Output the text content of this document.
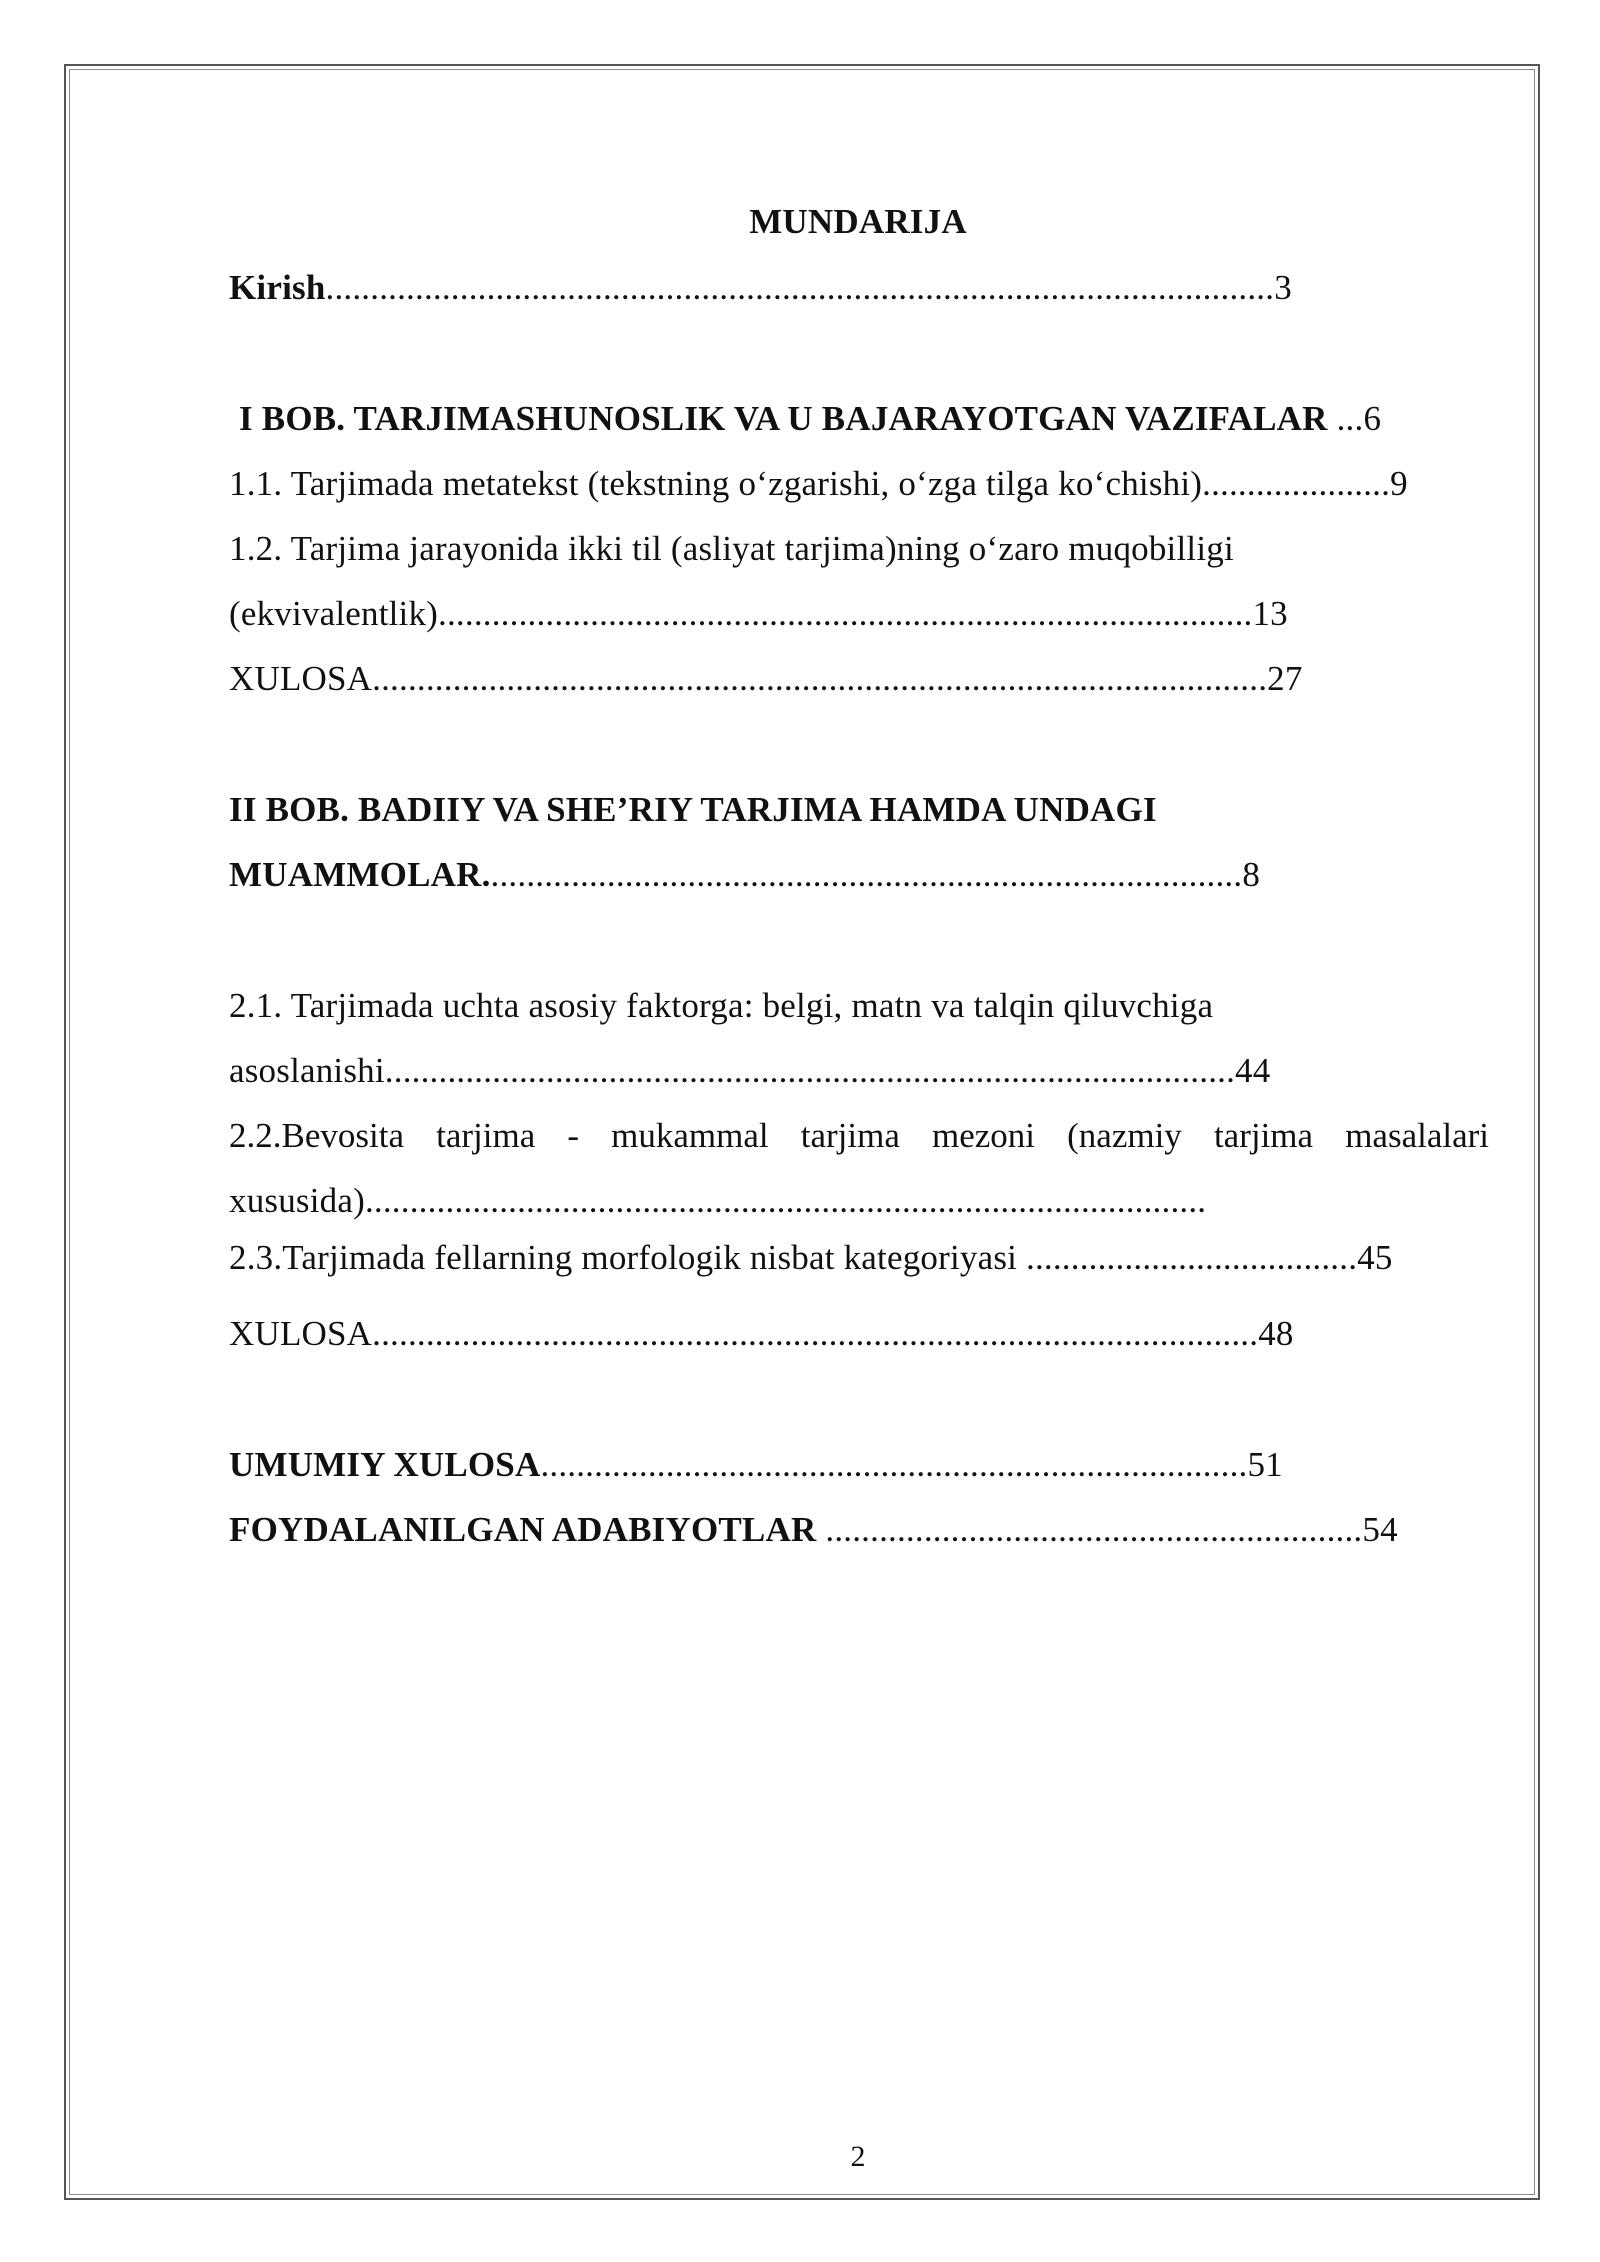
MUNDARIJA
Kirish..........................................................................................................3
I BOB. TARJIMASHUNOSLIK VA U BAJARAYOTGAN VAZIFALAR ...6
1.1. Tarjimada metatekst (tekstning o‘zgarishi, o‘zga tilga ko‘chishi).....................9
1.2. Tarjima jarayonida ikki til (asliyat tarjima)ning o‘zaro muqobilligi
(ekvivalentlik)...........................................................................................13
XULOSA....................................................................................................27
II BOB. BADIIY VA SHE’RIY TARJIMA HAMDA UNDAGI
MUAMMOLAR.....................................................................................8
2.1. Tarjimada uchta asosiy faktorga: belgi, matn va talqin qiluvchiga
asoslanishi...............................................................................................44
2.2.Bevosita tarjima - mukammal tarjima mezoni (nazmiy tarjima masalalari
xususida)..............................................................................................
2.3.Tarjimada fellarning morfologik nisbat kategoriyasi .....................................45
XULOSA...................................................................................................48
UMUMIY XULOSA...............................................................................51
FOYDALANILGAN ADABIYOTLAR ............................................................54
2
